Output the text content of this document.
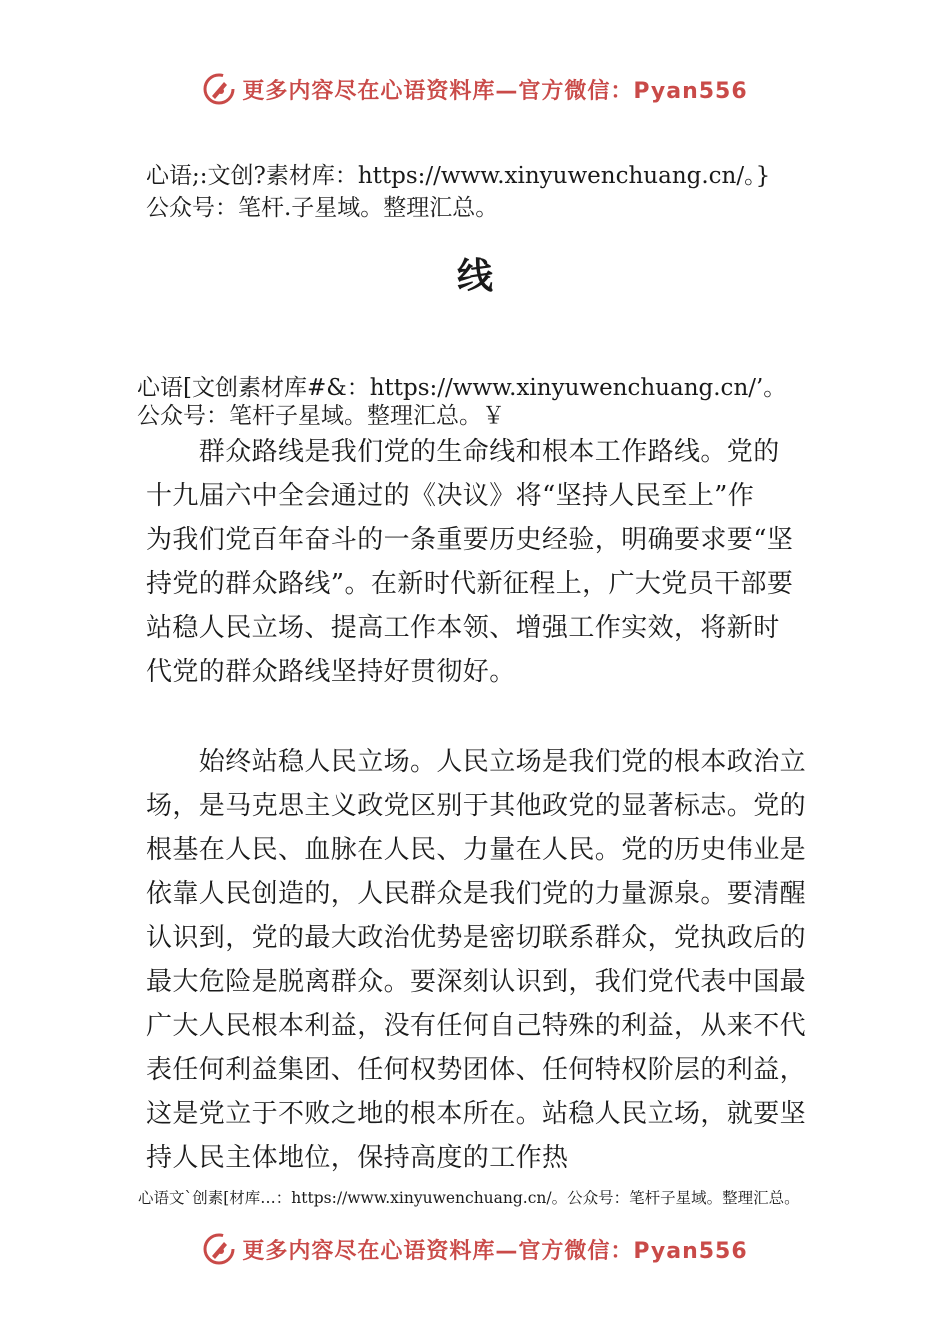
更多内容尽在心语资料库—官方微信：Pyan556
心语;:文创?素材库：https://www.xinyuwenchuang.cn/。}
公众号：笔杆.子星域。整理汇总。
线
心语[文创素材库#&：https://www.xinyuwenchuang.cn/’。
公众号：笔杆子星域。整理汇总。￥
　　群众路线是我们党的生命线和根本工作路线。党的
十九届六中全会通过的《决议》将“坚持人民至上”作
为我们党百年奋斗的一条重要历史经验，明确要求要“坚
持党的群众路线”。在新时代新征程上，广大党员干部要
站稳人民立场、提高工作本领、增强工作实效，将新时
代党的群众路线坚持好贯彻好。
　　始终站稳人民立场。人民立场是我们党的根本政治立
场，是马克思主义政党区别于其他政党的显著标志。党的
根基在人民、血脉在人民、力量在人民。党的历史伟业是
依靠人民创造的，人民群众是我们党的力量源泉。要清醒
认识到，党的最大政治优势是密切联系群众，党执政后的
最大危险是脱离群众。要深刻认识到，我们党代表中国最
广大人民根本利益，没有任何自己特殊的利益，从来不代
表任何利益集团、任何权势团体、任何特权阶层的利益，
这是党立于不败之地的根本所在。站稳人民立场，就要坚
持人民主体地位，保持高度的工作热
心语文`创素[材库…：https://www.xinyuwenchuang.cn/。公众号：笔杆子星域。整理汇总。
更多内容尽在心语资料库—官方微信：Pyan556
